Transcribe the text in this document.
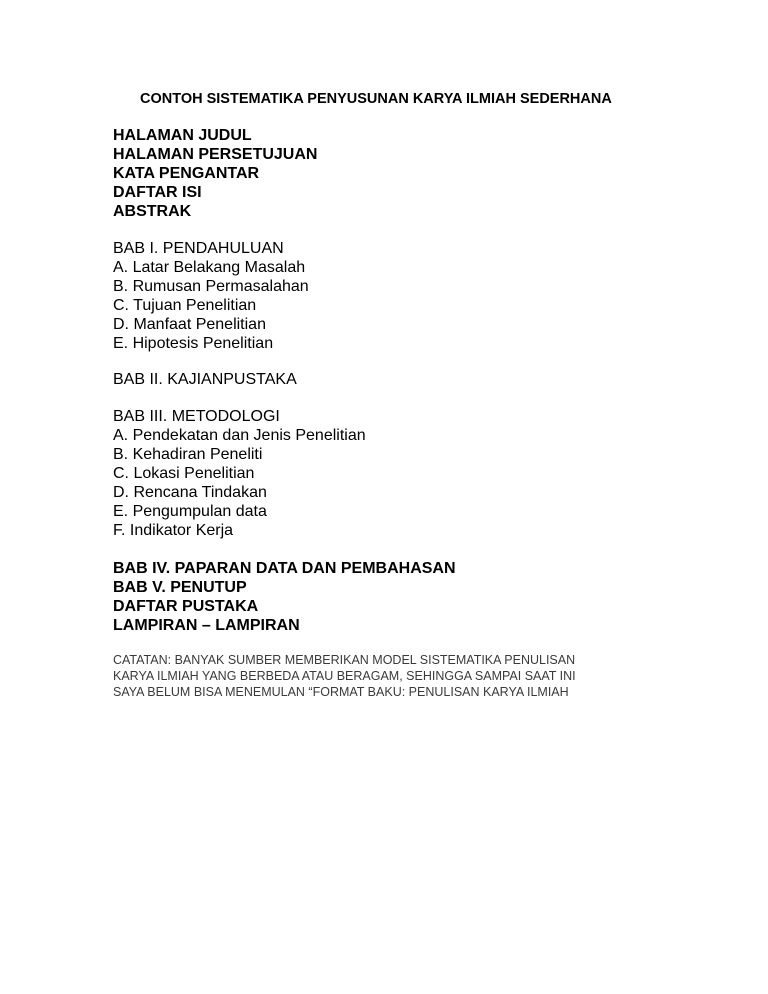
CONTOH SISTEMATIKA PENYUSUNAN KARYA ILMIAH SEDERHANA
HALAMAN JUDUL
HALAMAN PERSETUJUAN
KATA PENGANTAR
DAFTAR ISI
ABSTRAK
BAB I. PENDAHULUAN
A. Latar Belakang Masalah
B. Rumusan Permasalahan
C. Tujuan Penelitian
D. Manfaat Penelitian
E. Hipotesis Penelitian
BAB II. KAJIANPUSTAKA
BAB III. METODOLOGI
A. Pendekatan dan Jenis Penelitian
B. Kehadiran Peneliti
C. Lokasi Penelitian
D. Rencana Tindakan
E. Pengumpulan data
F. Indikator Kerja
BAB IV. PAPARAN DATA DAN PEMBAHASAN
BAB V. PENUTUP
DAFTAR PUSTAKA
LAMPIRAN – LAMPIRAN

CATATAN: BANYAK SUMBER MEMBERIKAN MODEL SISTEMATIKA PENULISAN
KARYA ILMIAH YANG BERBEDA ATAU BERAGAM, SEHINGGA SAMPAI SAAT INI
SAYA BELUM BISA MENEMULAN “FORMAT BAKU: PENULISAN KARYA ILMIAH
